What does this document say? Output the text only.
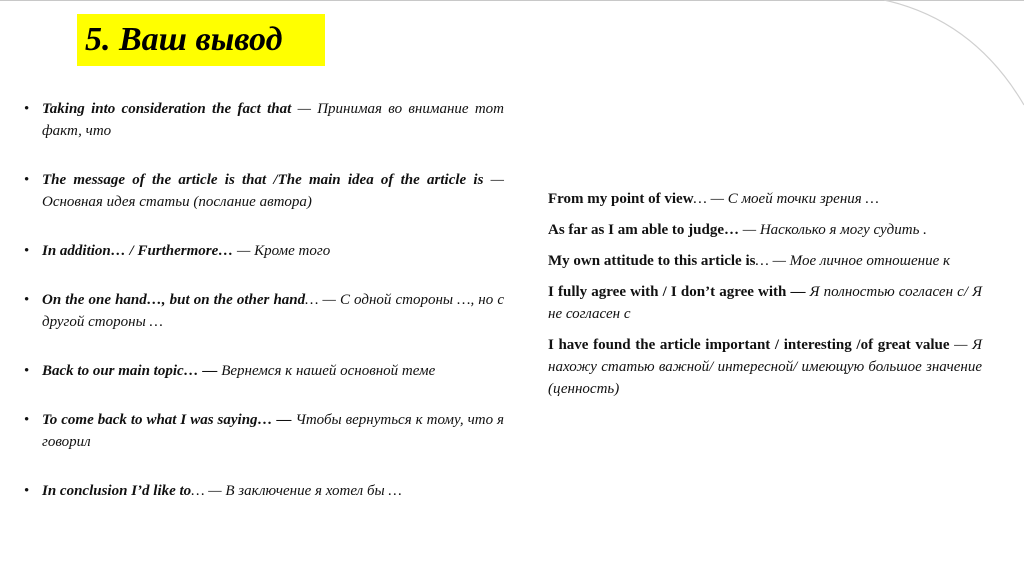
5. Ваш вывод
• Taking into consideration the fact that — Принимая во внимание тот факт, что
• The message of the article is that /The main idea of the article is — Основная идея статьи (послание автора)
• In addition… / Furthermore… — Кроме того
• On the one hand…, but on the other hand… — С одной стороны …, но с другой стороны …
• Back to our main topic… — Вернемся к нашей основной теме
• To come back to what I was saying… — Чтобы вернуться к тому, что я говорил
• In conclusion I’d like to… — В заключение я хотел бы …

From my point of view… — С моей точки зрения …

As far as I am able to judge… — Насколько я могу судить .

My own attitude to this article is… — Мое личное отношение к

I fully agree with / I don’t agree with — Я полностью согласен с/ Я не согласен с

I have found the article important / interesting /of great value — Я нахожу статью важной/ интересной/ имеющую большое значение (ценность)
